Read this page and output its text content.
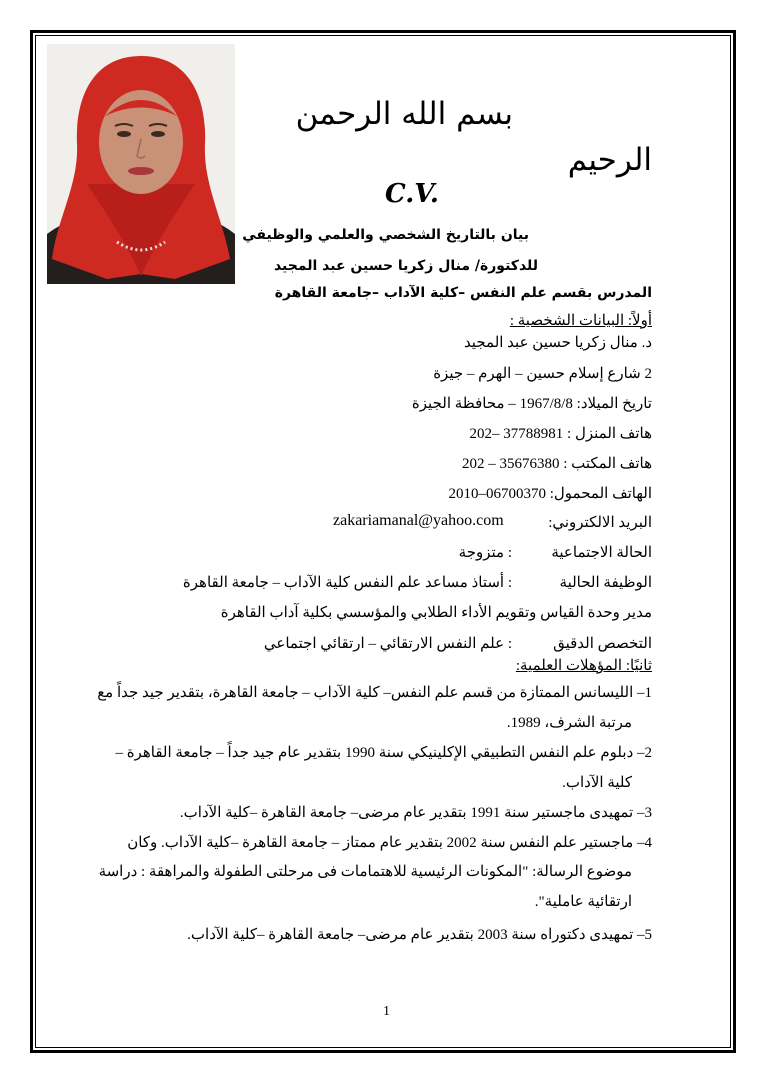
بسم الله الرحمن
الرحيم
C.V.
بيان بالتاريخ الشخصي والعلمي والوظيفي
للدكتورة/ منال زكريا حسين عبد المجيد
المدرس بقسم علم النفس –كلية الآداب –جامعة القاهرة
أولاً: البيانات الشخصية :
د. منال زكريا حسين عبد المجيد
2 شارع إسلام حسين – الهرم – جيزة
تاريخ الميلاد: 1967/8/8 – محافظة الجيزة
هاتف المنزل : 37788981 –202
هاتف المكتب : 35676380 – 202
الهاتف المحمول: 06700370–2010
البريد الالكتروني:
zakariamanal@yahoo.com
الحالة الاجتماعية
: متزوجة
الوظيفة الحالية
: أستاذ مساعد علم النفس كلية الآداب – جامعة القاهرة
مدير وحدة القياس وتقويم الأداء الطلابي والمؤسسي بكلية آداب القاهرة
التخصص الدقيق
: علم النفس الارتقائي – ارتقائي اجتماعي
ثانيًا: المؤهلات العلمية:
1– الليسانس الممتازة من قسم علم النفس– كلية الآداب – جامعة القاهرة، بتقدير جيد جداً مع
مرتبة الشرف، 1989.
2– دبلوم علم النفس التطبيقي الإكلينيكي سنة 1990 بتقدير عام جيد جداً – جامعة القاهرة –
كلية الآداب.
3– تمهيدى ماجستير سنة 1991 بتقدير عام مرضى– جامعة القاهرة –كلية الآداب.
4– ماجستير علم النفس سنة 2002 بتقدير عام ممتاز – جامعة القاهرة –كلية الآداب. وكان
موضوع الرسالة: "المكونات الرئيسية للاهتمامات فى مرحلتى الطفولة والمراهقة : دراسة
ارتقائية عاملية".
5– تمهيدى دكتوراه سنة 2003 بتقدير عام مرضى– جامعة القاهرة –كلية الآداب.
1
